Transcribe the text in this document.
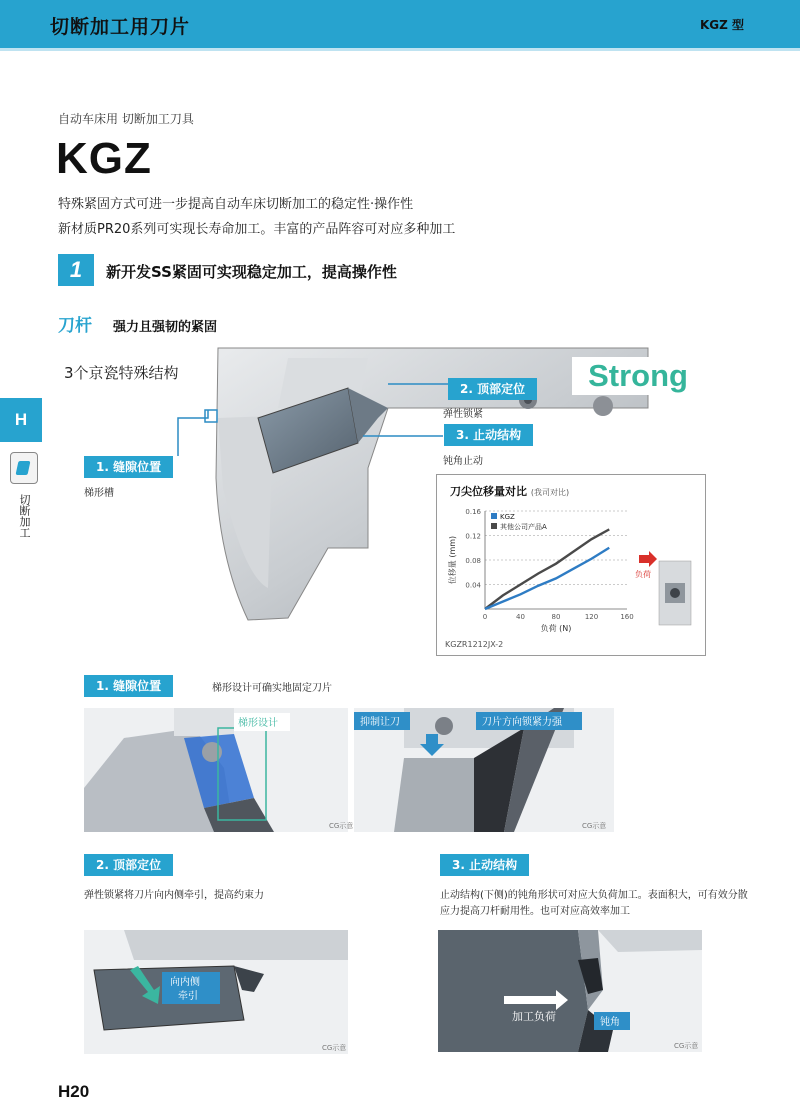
切断加工用刀片	KGZ 型
H
切断加工
自动车床用 切断加工刀具
KGZ
特殊紧固方式可进一步提高自动车床切断加工的稳定性·操作性
新材质PR20系列可实现长寿命加工。丰富的产品阵容可对应多种加工
1	新开发SS紧固可实现稳定加工，提高操作性
刀杆 强力且强韧的紧固
3个京瓷特殊结构	Strong
2. 顶部定位
弹性锁紧
3. 止动结构
钝角止动
1. 缝隙位置
梯形槽	刀尖位移量对比 (我司对比)
0.04
0.08
0.12
0.16
0	40	80	120	160
负荷 (N)
位移量 (mm)
KGZ
其他公司产品A
负荷
KGZR1212JX-2
1. 缝隙位置	梯形设计可确实地固定刀片
梯形设计
CG示意
抑制让刀	刀片方向锁紧力强
CG示意
2. 顶部定位
弹性锁紧将刀片向内侧牵引，提高约束力
向内侧
牵引
CG示意
3. 止动结构
止动结构(下侧)的钝角形状可对应大负荷加工。表面积大，可有效分散
应力提高刀杆耐用性。也可对应高效率加工
加工负荷	钝角
CG示意
H20
